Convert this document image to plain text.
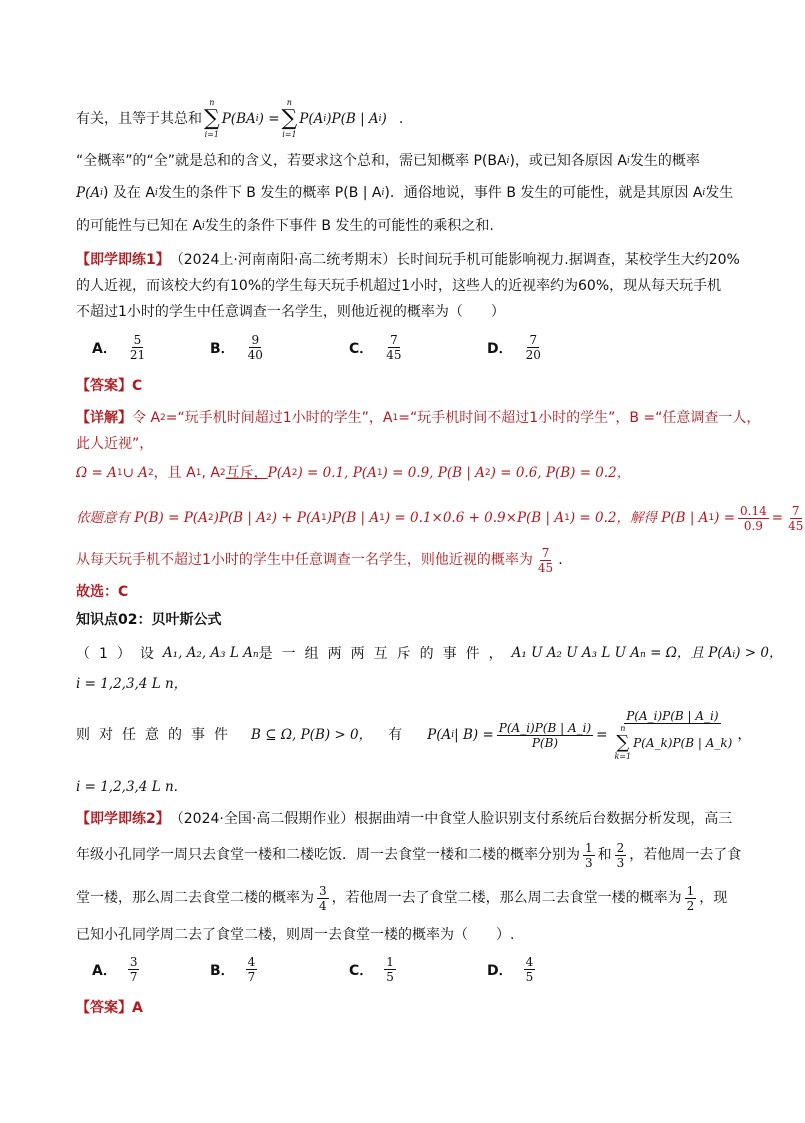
有关，且等于其总和
n
∑
i=1
P(BA i ) =
n
∑
i=1
P(A i )P(B | A i ) .
“全概率”的“全”就是总和的含义，若要求这个总和，需已知概率 P(BA i )，或已知各原因 A i 发生的概率
P(A i ) 及在 A i 发生的条件下 B 发生的概率 P(B | A i )．通俗地说，事件 B 发生的可能性，就是其原因 A i 发生
的可能性与已知在 A i 发生的条件下事件 B 发生的可能性的乘积之和.
【即学即练1】 （2024上·河南南阳·高二统考期末） 长时间玩手机可能影响视力.据调查，某校学生大约20%
的人近视，而该校大约有10%的学生每天玩手机超过1小时，这些人的近视率约为60%，现从每天玩手机
不超过1小时的学生中任意调查一名学生，则他近视的概率为（　　）
A． $\frac{5}{21}$	B． $\frac{9}{40}$	C． $\frac{7}{45}$	D． $\frac{7}{20}$
【答案】 C
【详解】 令 A 2 =“玩手机时间超过1小时的学生”，A 1 =“玩手机时间不超过1小时的学生”，B =“任意调查一人，
此人近视”，
Ω = A 1 ∪ A 2 ，且 A 1 , A 2 互斥， P(A 2 ) = 0.1, P(A 1 ) = 0.9, P(B | A 2 ) = 0.6, P(B) = 0.2，
依题意有 P(B) = P(A 2 )P(B | A 2 ) + P(A 1 )P(B | A 1 ) = 0.1×0.6 + 0.9×P(B | A 1 ) = 0.2，解得 P(B | A 1 ) = $\frac{0.14}{0.9} = \frac{7}{45}$
从每天玩手机不超过1小时的学生中任意调查一名学生，则他近视的概率为 $\frac{7}{45}$ .
故选：C
知识点02：贝叶斯公式
（1）设 A₁, A₂, A₃ L An 是一组两两互斥的事件， A₁ U A₂ U A₃ L U An = Ω，且 P(Ai) > 0，
i = 1,2,3,4 L n，
则对任意的事件 B ⊆ Ω, P(B) > 0， 有 P(A i | $B) = \frac{P(A\_i)P(B | A\_i)}{P(B)}$ = P(A_i)P(B | A_i)
n
∑
k=1
P(A_k)P(B | A_k) ，
i = 1,2,3,4 L n.
【即学即练2】 （2024·全国·高二假期作业） 根据曲靖一中食堂人脸识别支付系统后台数据分析发现，高三
年级小孔同学一周只去食堂一楼和二楼吃饭．周一去食堂一楼和二楼的概率分别为 $\frac{1}{3}$ 和 $\frac{2}{3}$ ，若他周一去了食
堂一楼，那么周二去食堂二楼的概率为 $\frac{3}{4}$ ，若他周一去了食堂二楼，那么周二去食堂一楼的概率为 $\frac{1}{2}$ ，现
已知小孔同学周二去了食堂二楼，则周一去食堂一楼的概率为（　　）.
A． $\frac{3}{7}$	B． $\frac{4}{7}$	C． $\frac{1}{5}$	D． $\frac{4}{5}$
【答案】 A
